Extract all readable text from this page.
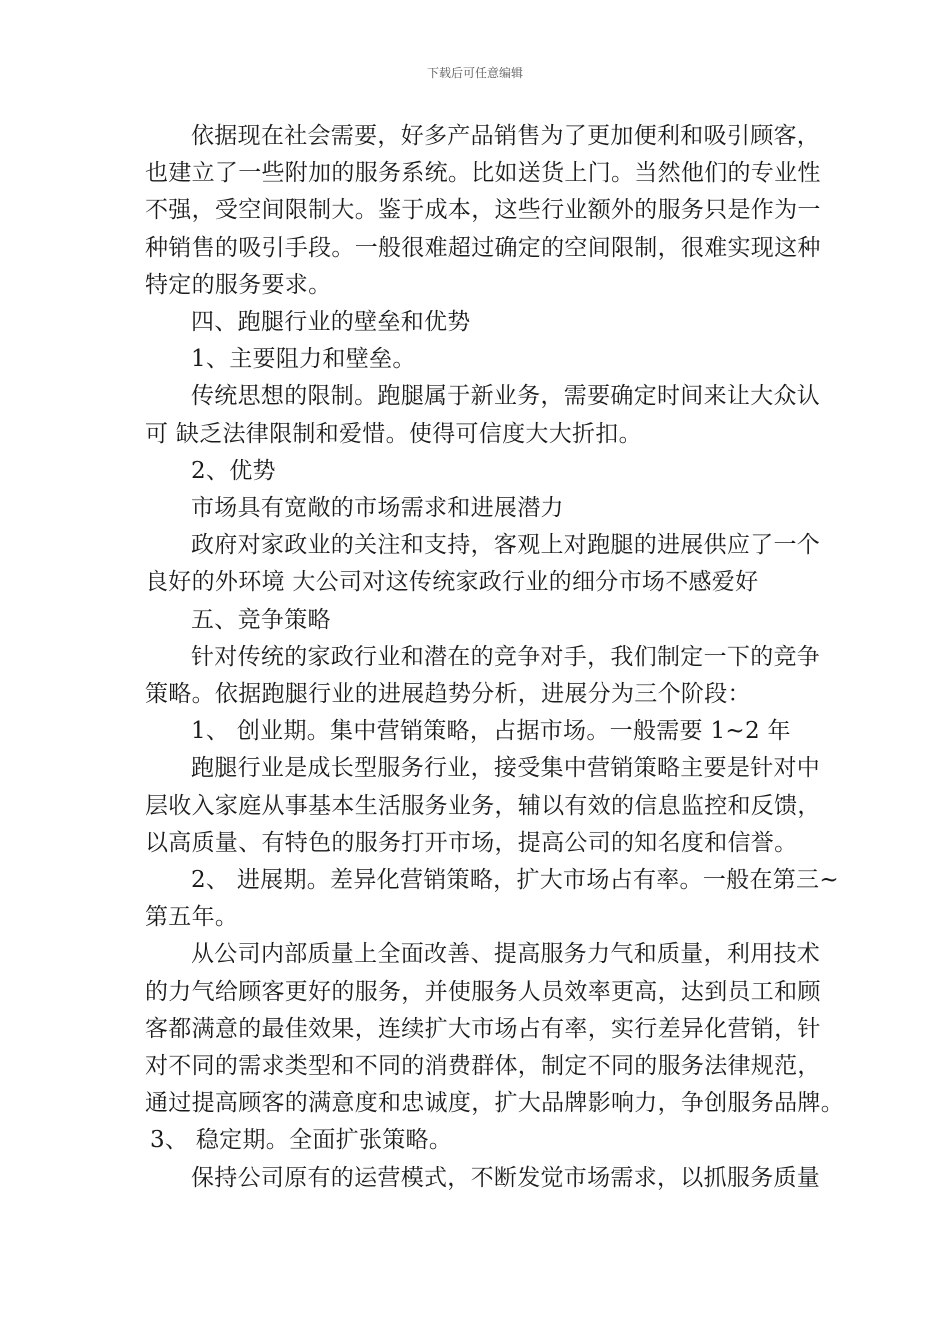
下载后可任意编辑

依据现在社会需要，好多产品销售为了更加便利和吸引顾客，

也建立了一些附加的服务系统。比如送货上门。当然他们的专业性

不强，受空间限制大。鉴于成本，这些行业额外的服务只是作为一

种销售的吸引手段。一般很难超过确定的空间限制，很难实现这种

特定的服务要求。

四、跑腿行业的壁垒和优势

1、主要阻力和壁垒。

传统思想的限制。跑腿属于新业务，需要确定时间来让大众认

可 缺乏法律限制和爱惜。使得可信度大大折扣。

2、优势

市场具有宽敞的市场需求和进展潜力

政府对家政业的关注和支持，客观上对跑腿的进展供应了一个

良好的外环境 大公司对这传统家政行业的细分市场不感爱好

五、竞争策略

针对传统的家政行业和潜在的竞争对手，我们制定一下的竞争

策略。依据跑腿行业的进展趋势分析，进展分为三个阶段：

1、 创业期。集中营销策略，占据市场。一般需要 1~2 年

跑腿行业是成长型服务行业，接受集中营销策略主要是针对中

层收入家庭从事基本生活服务业务，辅以有效的信息监控和反馈，

以高质量、有特色的服务打开市场，提高公司的知名度和信誉。

2、 进展期。差异化营销策略，扩大市场占有率。一般在第三~

第五年。

从公司内部质量上全面改善、提高服务力气和质量，利用技术

的力气给顾客更好的服务，并使服务人员效率更高，达到员工和顾

客都满意的最佳效果，连续扩大市场占有率，实行差异化营销，针

对不同的需求类型和不同的消费群体，制定不同的服务法律规范，

通过提高顾客的满意度和忠诚度，扩大品牌影响力，争创服务品牌。

3、 稳定期。全面扩张策略。

保持公司原有的运营模式，不断发觉市场需求，以抓服务质量
